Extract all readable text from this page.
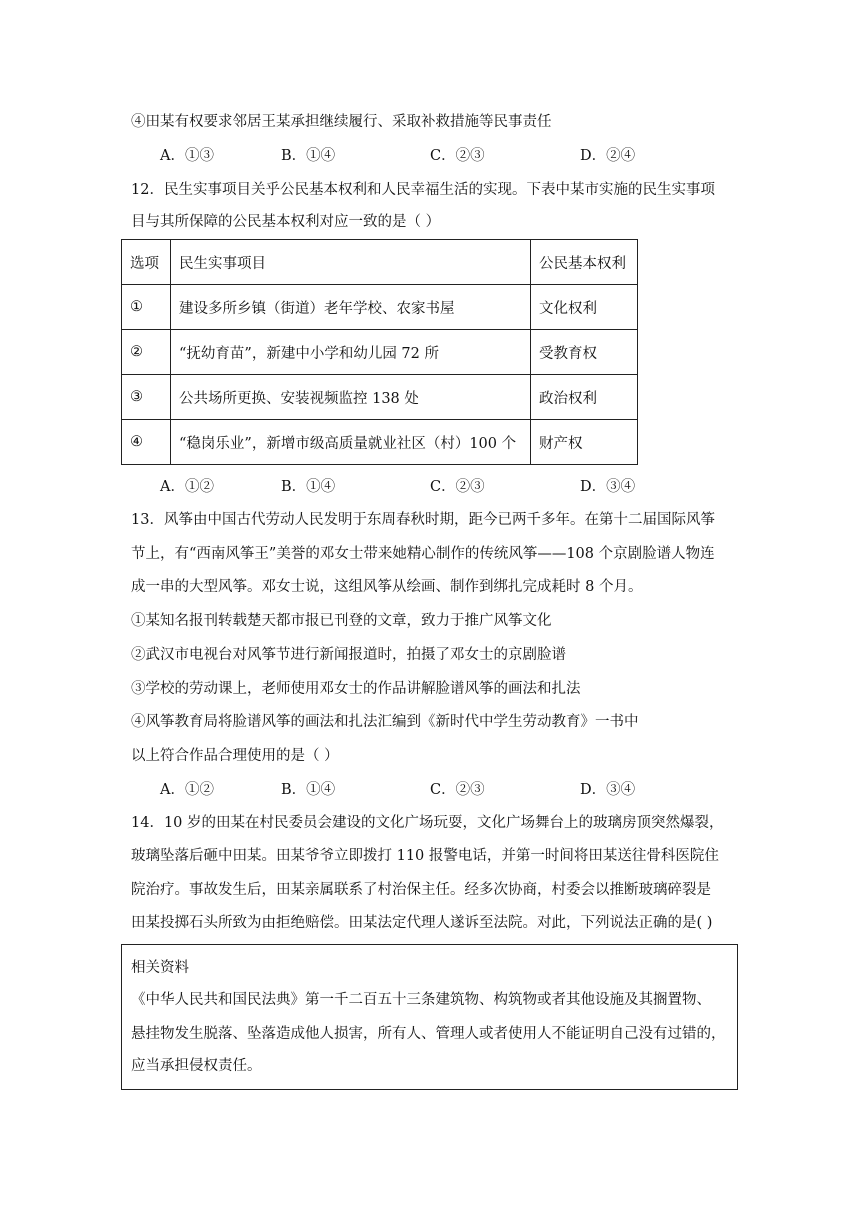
④田某有权要求邻居王某承担继续履行、采取补救措施等民事责任
A．①③	B．①④	C．②③	D．②④
12．民生实事项目关乎公民基本权利和人民幸福生活的实现。下表中某市实施的民生实事项
目与其所保障的公民基本权利对应一致的是（ ）
选项	民生实事项目	公民基本权利
①	建设多所乡镇（街道）老年学校、农家书屋	文化权利
②	“抚幼育苗”，新建中小学和幼儿园 72 所	受教育权
③	公共场所更换、安装视频监控 138 处	政治权利
④	“稳岗乐业”，新增市级高质量就业社区（村）100 个	财产权
A．①②	B．①④	C．②③	D．③④
13．风筝由中国古代劳动人民发明于东周春秋时期，距今已两千多年。在第十二届国际风筝
节上，有“西南风筝王”美誉的邓女士带来她精心制作的传统风筝——108 个京剧脸谱人物连
成一串的大型风筝。邓女士说，这组风筝从绘画、制作到绑扎完成耗时 8 个月。
①某知名报刊转载楚天都市报已刊登的文章，致力于推广风筝文化
②武汉市电视台对风筝节进行新闻报道时，拍摄了邓女士的京剧脸谱
③学校的劳动课上，老师使用邓女士的作品讲解脸谱风筝的画法和扎法
④风筝教育局将脸谱风筝的画法和扎法汇编到《新时代中学生劳动教育》一书中
以上符合作品合理使用的是（ ）
A．①②	B．①④	C．②③	D．③④
14．10 岁的田某在村民委员会建设的文化广场玩耍，文化广场舞台上的玻璃房顶突然爆裂，
玻璃坠落后砸中田某。田某爷爷立即拨打 110 报警电话，并第一时间将田某送往骨科医院住
院治疗。事故发生后，田某亲属联系了村治保主任。经多次协商，村委会以推断玻璃碎裂是
田某投掷石头所致为由拒绝赔偿。田某法定代理人遂诉至法院。对此，下列说法正确的是( )
相关资料
《中华人民共和国民法典》第一千二百五十三条建筑物、构筑物或者其他设施及其搁置物、
悬挂物发生脱落、坠落造成他人损害，所有人、管理人或者使用人不能证明自己没有过错的，
应当承担侵权责任。
